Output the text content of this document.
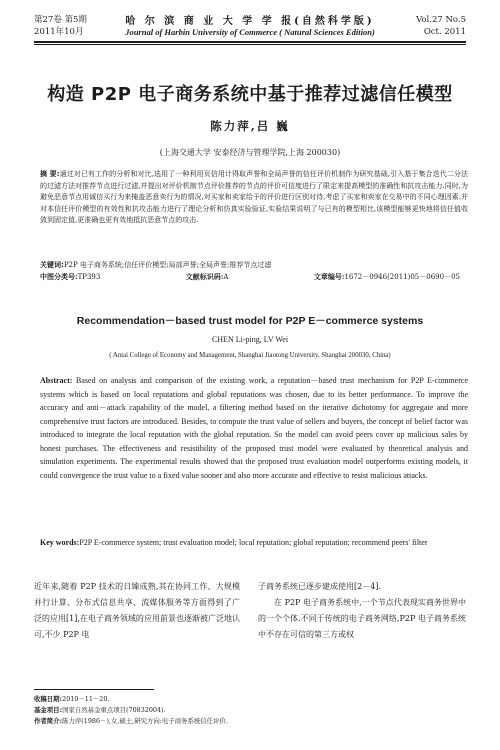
第27卷 第5期
2011年10月
哈 尔 滨 商 业 大 学 学 报(自然科学版)
Journal of Harbin University of Commerce ( Natural Sciences Edition)
Vol.27 No.5
Oct. 2011
构造 P2P 电子商务系统中基于推荐过滤信任模型
陈力萍,吕 巍
(上海交通大学 安泰经济与管理学院,上海 200030)
摘 要:通过对已有工作的分析和对比,选用了一种利用页信用计得取声誉和全局声誉的信任评价机制作为研究基础,引入基于集合迭代二分法的过滤方法对推荐节点进行过滤,并提出对评价机制节点评价推荐的节点的评价可信度进行了限定来提高模型的准确性和抗攻击能力.同时,为避免恶意节点用诚信买行为来掩盖恶意卖行为的情况,对买家和卖家给予的评价进行区别对待,考虑了买家和卖家在交易中的不同心理因素.并对本信任评价模型的有效性和抗攻击能力进行了理论分析和仿真实验验证,实验结果说明了与已有的模型相比,该模型能够更快地将信任值收敛到固定值,更准确也更有效地抵抗恶意节点的攻击.
关键词:P2P 电子商务系统;信任评价模型;局部声誉;全局声誉;推荐节点过滤
中图分类号:TP393	文献标识码:A	文章编号:1672－0946(2011)05－0690－05
Recommendation－based trust model for P2P E－commerce systems
CHEN Li-ping, LV Wei
( Antai College of Economy and Management, Shanghai Jiaotong University, Shanghai 200030, China)
Abstract: Based on analysis and comparison of the existing work, a reputation－based trust mechanism for P2P E-commerce systems which is based on local reputations and global reputations was chosen, due to its better performance. To improve the accuracy and anti－attack capability of the model, a filtering method based on the iterative dichotomy for aggregate and more comprehensive trust factors are introduced. Besides, to compute the trust value of sellers and buyers, the concept of belief factor was introduced to integrate the local reputation with the global reputation. So the model can avoid peers cover up malicious sales by honest purchases. The effectiveness and resistibility of the proposed trust model were evaluated by theoretical analysis and simulation experiments. The experimental results showed that the proposed trust evaluation model outperforms existing models, it could convergence the trust value to a fixed value sooner and also more accurate and effective to resist malicious attacks.
Key words:P2P E-commerce system; trust evaluation model; local reputation; global reputation; recommend peers' filter
近年来,随着 P2P 技术的日臻成熟,其在协同工作、大规模并行计算、分布式信息共享、流媒体服务等方面得到了广泛的应用[1],在电子商务领域的应用前景也逐渐被广泛地认可,不少 P2P 电
子商务系统已逐步建成使用[2－4].
在 P2P 电子商务系统中,一个节点代表现实商务世界中的一个个体.不同于传统的电子商务网络,P2P 电子商务系统中不存在可信的第三方或权
收稿日期:2010－11－20.
基金项目:国家自然基金重点项目(70832004).
作者简介:陈力萍(1986－),女,硕士,研究方向:电子商务系统信任评价.
